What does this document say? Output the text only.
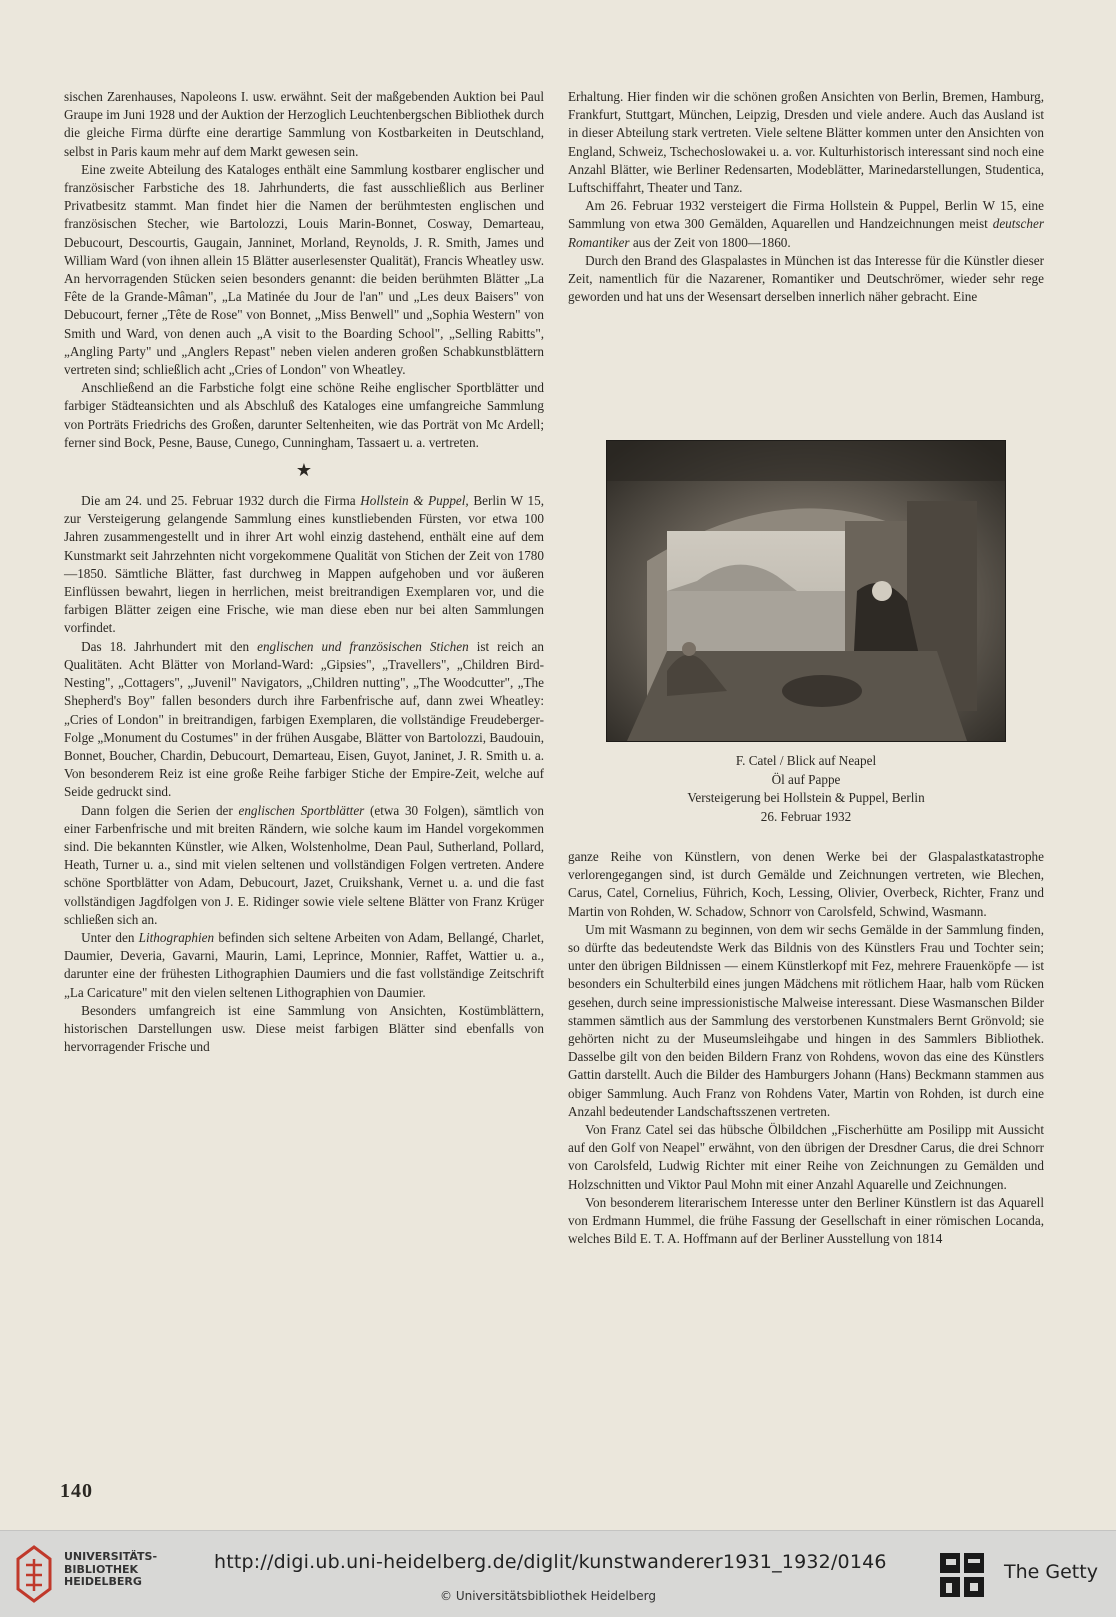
sischen Zarenhauses, Napoleons I. usw. erwähnt. Seit der maßgebenden Auktion bei Paul Graupe im Juni 1928 und der Auktion der Herzoglich Leuchtenbergschen Bibliothek durch die gleiche Firma dürfte eine derartige Sammlung von Kostbarkeiten in Deutschland, selbst in Paris kaum mehr auf dem Markt gewesen sein.

Eine zweite Abteilung des Kataloges enthält eine Sammlung kostbarer englischer und französischer Farbstiche des 18. Jahrhunderts, die fast ausschließlich aus Berliner Privatbesitz stammt. Man findet hier die Namen der berühmtesten englischen und französischen Stecher, wie Bartolozzi, Louis Marin-Bonnet, Cosway, Demarteau, Debucourt, Descourtis, Gaugain, Janninet, Morland, Reynolds, J. R. Smith, James und William Ward (von ihnen allein 15 Blätter auserlesenster Qualität), Francis Wheatley usw. An hervorragenden Stücken seien besonders genannt: die beiden berühmten Blätter „La Fête de la Grande-Mâman", „La Matinée du Jour de l'an" und „Les deux Baisers" von Debucourt, ferner „Tête de Rose" von Bonnet, „Miss Benwell" und „Sophia Western" von Smith und Ward, von denen auch „A visit to the Boarding School", „Selling Rabitts", „Angling Party" und „Anglers Repast" neben vielen anderen großen Schabkunstblättern vertreten sind; schließlich acht „Cries of London" von Wheatley.

Anschließend an die Farbstiche folgt eine schöne Reihe englischer Sportblätter und farbiger Städteansichten und als Abschluß des Kataloges eine umfangreiche Sammlung von Porträts Friedrichs des Großen, darunter Seltenheiten, wie das Porträt von Mc Ardell; ferner sind Bock, Pesne, Bause, Cunego, Cunningham, Tassaert u. a. vertreten.

★

Die am 24. und 25. Februar 1932 durch die Firma Hollstein & Puppel, Berlin W 15, zur Versteigerung gelangende Sammlung eines kunstliebenden Fürsten, vor etwa 100 Jahren zusammengestellt und in ihrer Art wohl einzig dastehend, enthält eine auf dem Kunstmarkt seit Jahrzehnten nicht vorgekommene Qualität von Stichen der Zeit von 1780—1850. Sämtliche Blätter, fast durchweg in Mappen aufgehoben und vor äußeren Einflüssen bewahrt, liegen in herrlichen, meist breitrandigen Exemplaren vor, und die farbigen Blätter zeigen eine Frische, wie man diese eben nur bei alten Sammlungen vorfindet.

Das 18. Jahrhundert mit den englischen und französischen Stichen ist reich an Qualitäten. Acht Blätter von Morland-Ward: „Gipsies", „Travellers", „Children Bird-Nesting", „Cottagers", „Juvenil" Navigators, „Children nutting", „The Woodcutter", „The Shepherd's Boy" fallen besonders durch ihre Farbenfrische auf, dann zwei Wheatley: „Cries of London" in breitrandigen, farbigen Exemplaren, die vollständige Freudeberger-Folge „Monument du Costumes" in der frühen Ausgabe, Blätter von Bartolozzi, Baudouin, Bonnet, Boucher, Chardin, Debucourt, Demarteau, Eisen, Guyot, Janinet, J. R. Smith u. a. Von besonderem Reiz ist eine große Reihe farbiger Stiche der Empire-Zeit, welche auf Seide gedruckt sind.

Dann folgen die Serien der englischen Sportblätter (etwa 30 Folgen), sämtlich von einer Farbenfrische und mit breiten Rändern, wie solche kaum im Handel vorgekommen sind. Die bekannten Künstler, wie Alken, Wolstenholme, Dean Paul, Sutherland, Pollard, Heath, Turner u. a., sind mit vielen seltenen und vollständigen Folgen vertreten. Andere schöne Sportblätter von Adam, Debucourt, Jazet, Cruikshank, Vernet u. a. und die fast vollständigen Jagdfolgen von J. E. Ridinger sowie viele seltene Blätter von Franz Krüger schließen sich an.

Unter den Lithographien befinden sich seltene Arbeiten von Adam, Bellangé, Charlet, Daumier, Deveria, Gavarni, Maurin, Lami, Leprince, Monnier, Raffet, Wattier u. a., darunter eine der frühesten Lithographien Daumiers und die fast vollständige Zeitschrift „La Caricature" mit den vielen seltenen Lithographien von Daumier.

Besonders umfangreich ist eine Sammlung von Ansichten, Kostümblättern, historischen Darstellungen usw. Diese meist farbigen Blätter sind ebenfalls von hervorragender Frische und

Erhaltung. Hier finden wir die schönen großen Ansichten von Berlin, Bremen, Hamburg, Frankfurt, Stuttgart, München, Leipzig, Dresden und viele andere. Auch das Ausland ist in dieser Abteilung stark vertreten. Viele seltene Blätter kommen unter den Ansichten von England, Schweiz, Tschechoslowakei u. a. vor. Kulturhistorisch interessant sind noch eine Anzahl Blätter, wie Berliner Redensarten, Modeblätter, Marinedarstellungen, Studentica, Luftschiffahrt, Theater und Tanz.

Am 26. Februar 1932 versteigert die Firma Hollstein & Puppel, Berlin W 15, eine Sammlung von etwa 300 Gemälden, Aquarellen und Handzeichnungen meist deutscher Romantiker aus der Zeit von 1800—1860.

Durch den Brand des Glaspalastes in München ist das Interesse für die Künstler dieser Zeit, namentlich für die Nazarener, Romantiker und Deutschrömer, wieder sehr rege geworden und hat uns der Wesensart derselben innerlich näher gebracht. Eine

F. Catel / Blick auf Neapel
Öl auf Pappe
Versteigerung bei Hollstein & Puppel, Berlin
26. Februar 1932

ganze Reihe von Künstlern, von denen Werke bei der Glaspalastkatastrophe verlorengegangen sind, ist durch Gemälde und Zeichnungen vertreten, wie Blechen, Carus, Catel, Cornelius, Führich, Koch, Lessing, Olivier, Overbeck, Richter, Franz und Martin von Rohden, W. Schadow, Schnorr von Carolsfeld, Schwind, Wasmann.

Um mit Wasmann zu beginnen, von dem wir sechs Gemälde in der Sammlung finden, so dürfte das bedeutendste Werk das Bildnis von des Künstlers Frau und Tochter sein; unter den übrigen Bildnissen — einem Künstlerkopf mit Fez, mehrere Frauenköpfe — ist besonders ein Schulterbild eines jungen Mädchens mit rötlichem Haar, halb vom Rücken gesehen, durch seine impressionistische Malweise interessant. Diese Wasmanschen Bilder stammen sämtlich aus der Sammlung des verstorbenen Kunstmalers Bernt Grönvold; sie gehörten nicht zu der Museumsleihgabe und hingen in des Sammlers Bibliothek. Dasselbe gilt von den beiden Bildern Franz von Rohdens, wovon das eine des Künstlers Gattin darstellt. Auch die Bilder des Hamburgers Johann (Hans) Beckmann stammen aus obiger Sammlung. Auch Franz von Rohdens Vater, Martin von Rohden, ist durch eine Anzahl bedeutender Landschaftsszenen vertreten.

Von Franz Catel sei das hübsche Ölbildchen „Fischerhütte am Posilipp mit Aussicht auf den Golf von Neapel" erwähnt, von den übrigen der Dresdner Carus, die drei Schnorr von Carolsfeld, Ludwig Richter mit einer Reihe von Zeichnungen zu Gemälden und Holzschnitten und Viktor Paul Mohn mit einer Anzahl Aquarelle und Zeichnungen.

Von besonderem literarischem Interesse unter den Berliner Künstlern ist das Aquarell von Erdmann Hummel, die frühe Fassung der Gesellschaft in einer römischen Locanda, welches Bild E. T. A. Hoffmann auf der Berliner Ausstellung von 1814

140
UNIVERSITÄTS-
BIBLIOTHEK
HEIDELBERG
http://digi.ub.uni-heidelberg.de/diglit/kunstwanderer1931_1932/0146
© Universitätsbibliothek Heidelberg
The Getty
